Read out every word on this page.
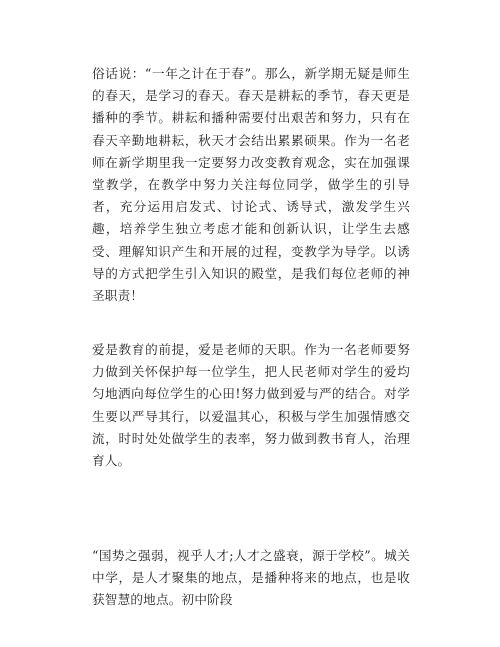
俗话说：“一年之计在于春”。那么，新学期无疑是师生的春天，是学习的春天。春天是耕耘的季节，春天更是播种的季节。耕耘和播种需要付出艰苦和努力，只有在春天辛勤地耕耘，秋天才会结出累累硕果。作为一名老师在新学期里我一定要努力改变教育观念，实在加强课堂教学，在教学中努力关注每位同学，做学生的引导者，充分运用启发式、讨论式、诱导式，激发学生兴趣，培养学生独立考虑才能和创新认识，让学生去感受、理解知识产生和开展的过程，变教学为导学。以诱导的方式把学生引入知识的殿堂，是我们每位老师的神圣职责！

爱是教育的前提，爱是老师的天职。作为一名老师要努力做到关怀保护每一位学生，把人民老师对学生的爱均匀地洒向每位学生的心田!努力做到爱与严的结合。对学生要以严导其行，以爱温其心，积极与学生加强情感交流，时时处处做学生的表率，努力做到教书育人，治理育人。

“国势之强弱，视乎人才;人才之盛衰，源于学校”。城关中学，是人才聚集的地点，是播种将来的地点，也是收获智慧的地点。初中阶段
